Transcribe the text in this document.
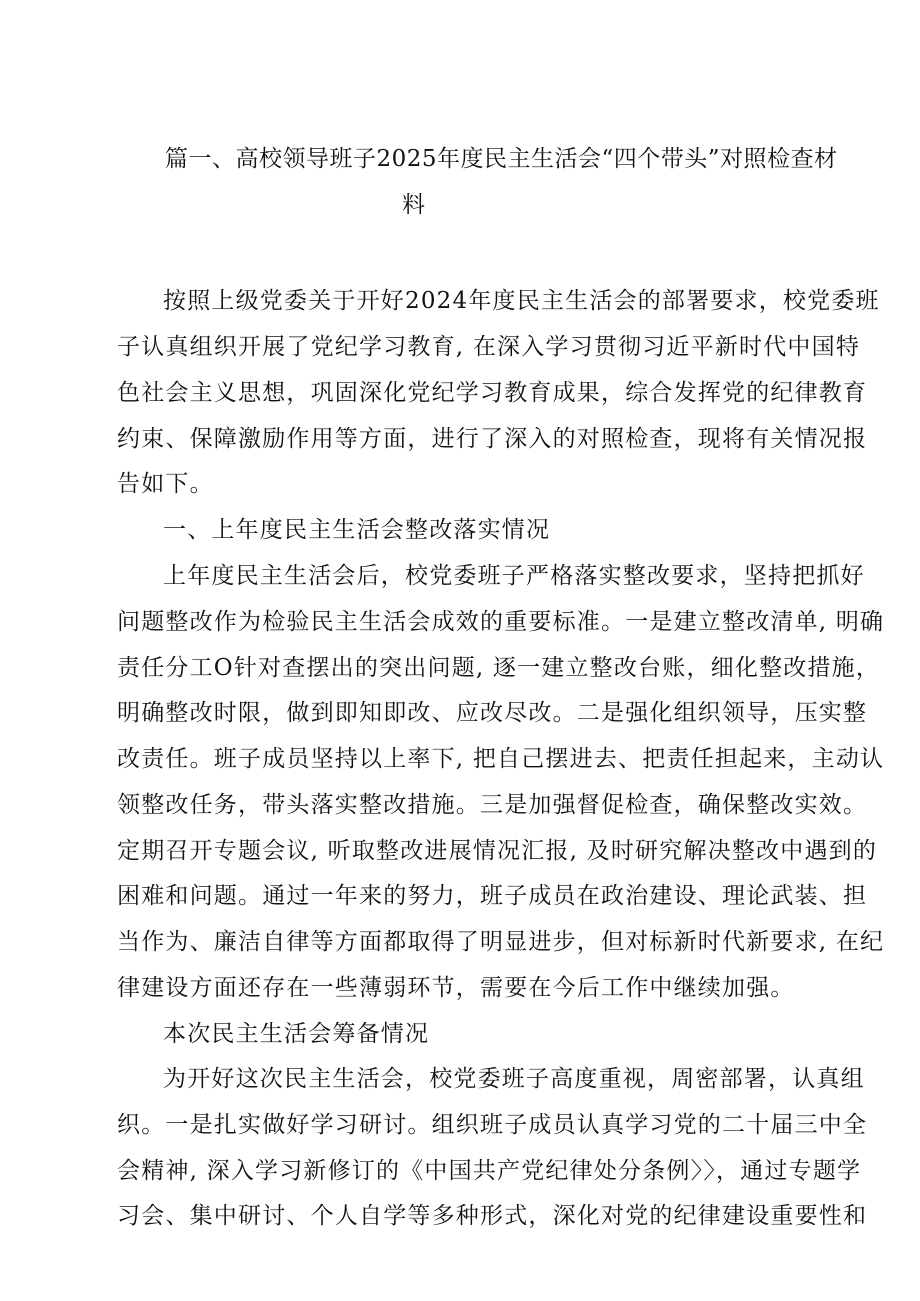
篇一、高校领导班子2025年度民主生活会“四个带头”对照检查材
料
按照上级党委关于开好2024年度民主生活会的部署要求，校党委班
子认真组织开展了党纪学习教育, 在深入学习贯彻习近平新时代中国特
色社会主义思想，巩固深化党纪学习教育成果，综合发挥党的纪律教育
约束、保障激励作用等方面，进行了深入的对照检查，现将有关情况报
告如下。
一、上年度民主生活会整改落实情况
上年度民主生活会后，校党委班子严格落实整改要求，坚持把抓好
问题整改作为检验民主生活会成效的重要标准。一是建立整改清单, 明确
责任分工O针对查摆出的突出问题, 逐一建立整改台账，细化整改措施，
明确整改时限，做到即知即改、应改尽改。二是强化组织领导，压实整
改责任。班子成员坚持以上率下, 把自己摆进去、把责任担起来，主动认
领整改任务，带头落实整改措施。三是加强督促检查，确保整改实效。
定期召开专题会议, 听取整改进展情况汇报, 及时研究解决整改中遇到的
困难和问题。通过一年来的努力，班子成员在政治建设、理论武装、担
当作为、廉洁自律等方面都取得了明显进步，但对标新时代新要求, 在纪
律建设方面还存在一些薄弱环节，需要在今后工作中继续加强。
本次民主生活会筹备情况
为开好这次民主生活会，校党委班子高度重视，周密部署，认真组
织。一是扎实做好学习研讨。组织班子成员认真学习党的二十届三中全
会精神, 深入学习新修订的《中国共产党纪律处分条例〉〉，通过专题学
习会、集中研讨、个人自学等多种形式，深化对党的纪律建设重要性和
